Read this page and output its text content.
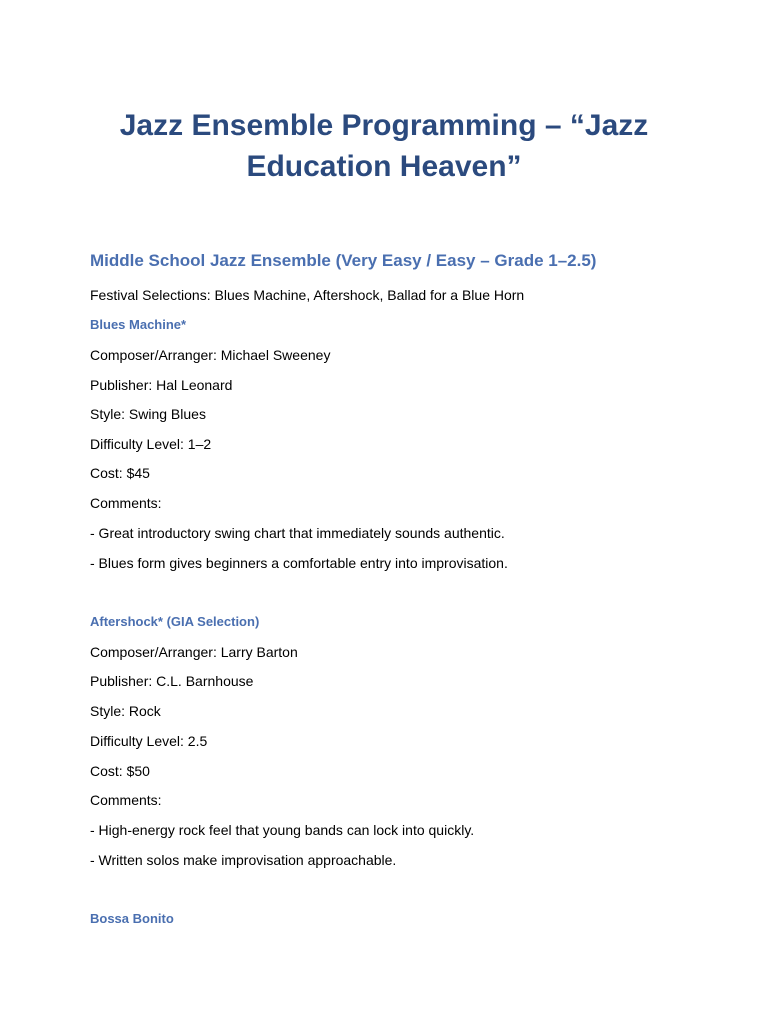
Jazz Ensemble Programming – “Jazz
Education Heaven”
Middle School Jazz Ensemble (Very Easy / Easy – Grade 1–2.5)

Festival Selections: Blues Machine, Aftershock, Ballad for a Blue Horn

Blues Machine*

Composer/Arranger: Michael Sweeney

Publisher: Hal Leonard

Style: Swing Blues

Difficulty Level: 1–2

Cost: $45

Comments:

- Great introductory swing chart that immediately sounds authentic.

- Blues form gives beginners a comfortable entry into improvisation.

Aftershock* (GIA Selection)

Composer/Arranger: Larry Barton

Publisher: C.L. Barnhouse

Style: Rock

Difficulty Level: 2.5

Cost: $50

Comments:

- High-energy rock feel that young bands can lock into quickly.

- Written solos make improvisation approachable.

Bossa Bonito
